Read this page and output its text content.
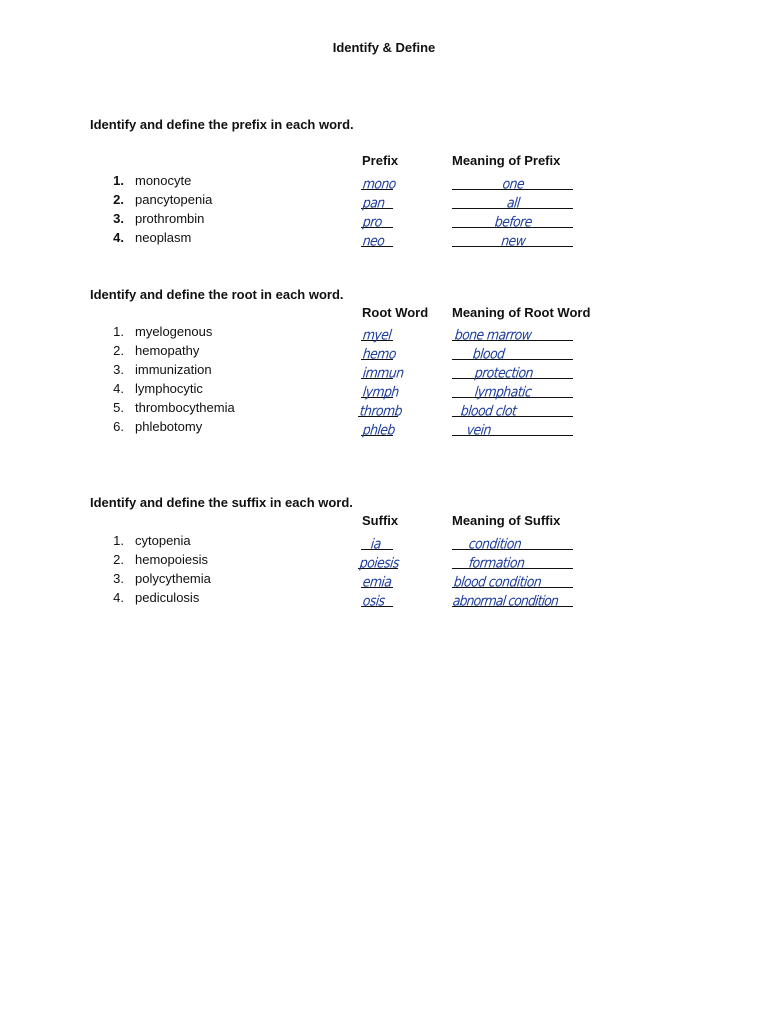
Identify & Define
Identify and define the prefix in each word.
Prefix	Meaning of Prefix
1. monocyte	mono	one
2. pancytopenia	pan	all
3. prothrombin	pro	before
4. neoplasm	neo	new
Identify and define the root in each word.
Root Word Meaning of Root Word
1. myelogenous	myel	bone marrow
2. hemopathy	hemo	blood
3. immunization	immun	protection
4. lymphocytic	lymph	lymphatic
5. thrombocythemia	thromb	blood clot
6. phlebotomy	phleb	vein
Identify and define the suffix in each word.
Suffix	Meaning of Suffix
1. cytopenia	ia	condition
2. hemopoiesis	poiesis	formation
3. polycythemia	emia	blood condition
4. pediculosis	osis	abnormal condition
